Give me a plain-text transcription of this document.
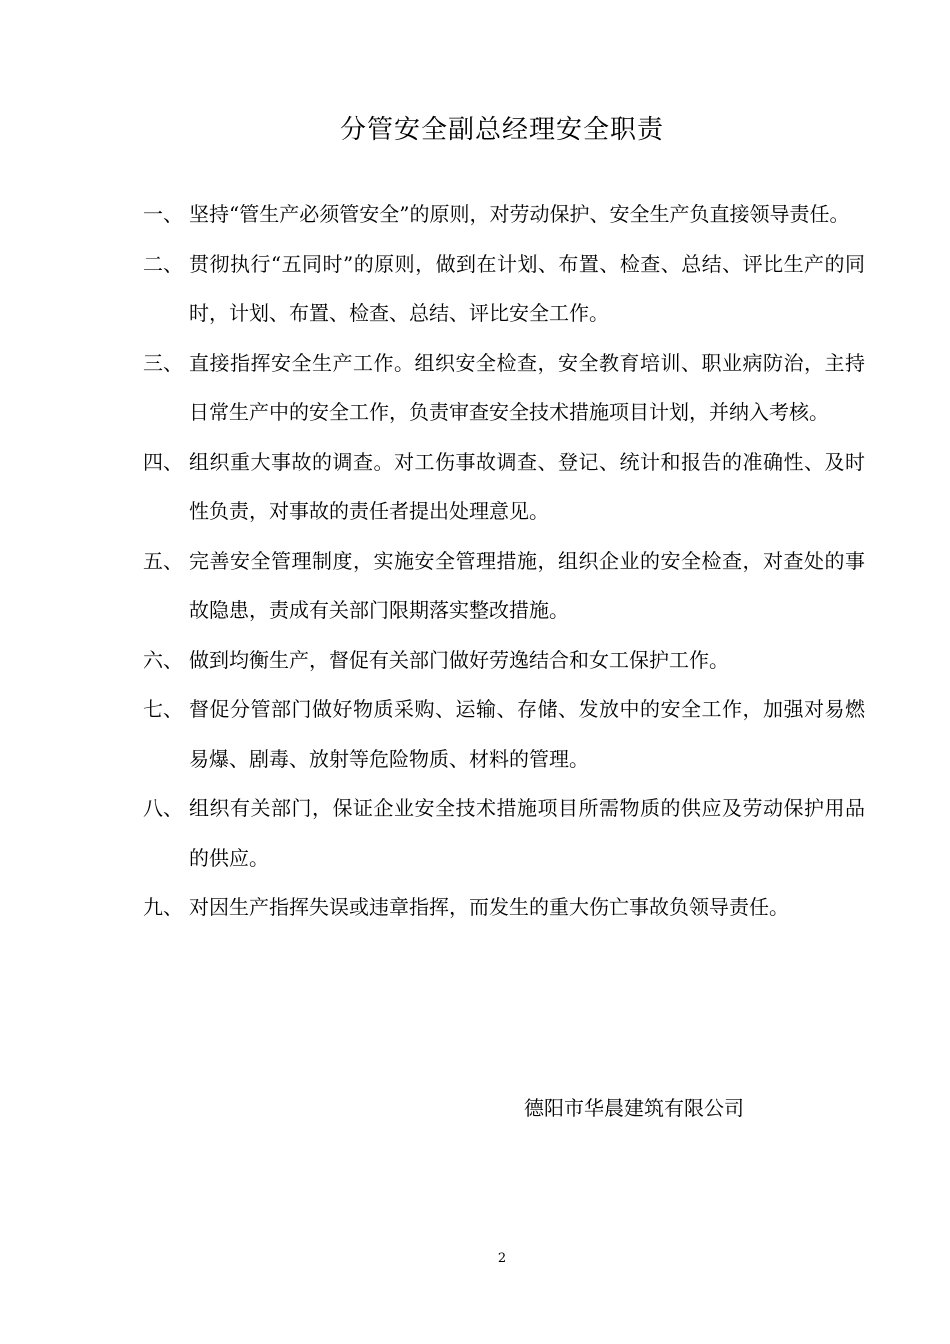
分管安全副总经理安全职责
一、 坚持“管生产必须管安全”的原则，对劳动保护、安全生产负直接领导责任。
二、 贯彻执行“五同时”的原则，做到在计划、布置、检查、总结、评比生产的同时，计划、布置、检查、总结、评比安全工作。
三、 直接指挥安全生产工作。组织安全检查，安全教育培训、职业病防治，主持日常生产中的安全工作，负责审查安全技术措施项目计划，并纳入考核。
四、 组织重大事故的调查。对工伤事故调查、登记、统计和报告的准确性、及时性负责，对事故的责任者提出处理意见。
五、 完善安全管理制度，实施安全管理措施，组织企业的安全检查，对查处的事故隐患，责成有关部门限期落实整改措施。
六、 做到均衡生产，督促有关部门做好劳逸结合和女工保护工作。
七、 督促分管部门做好物质采购、运输、存储、发放中的安全工作，加强对易燃易爆、剧毒、放射等危险物质、材料的管理。
八、 组织有关部门，保证企业安全技术措施项目所需物质的供应及劳动保护用品的供应。
九、 对因生产指挥失误或违章指挥，而发生的重大伤亡事故负领导责任。
德阳市华晨建筑有限公司
2
